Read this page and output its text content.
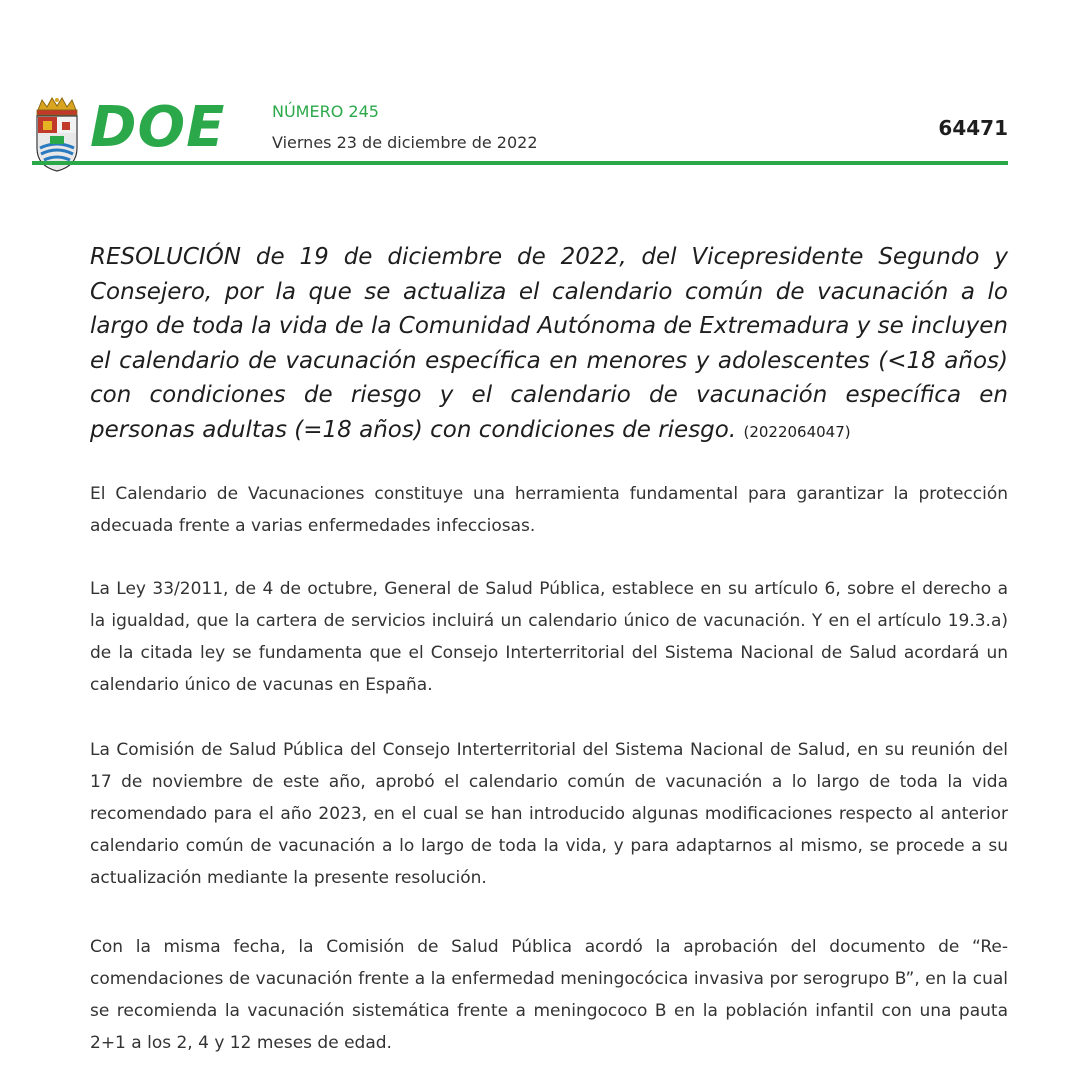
DOE	NÚMERO 245
Viernes 23 de diciembre de 2022
64471

RESOLUCIÓN de 19 de diciembre de 2022, del Vicepresidente Segundo y Consejero, por la que se actualiza el calendario común de vacunación a lo largo de toda la vida de la Comunidad Autónoma de Extremadura y se incluyen el calendario de vacunación específica en menores y adolescentes (<18 años) con condiciones de riesgo y el calendario de vacunación específica en personas adultas (=18 años) con condiciones de riesgo. (2022064047)

El Calendario de Vacunaciones constituye una herramienta fundamental para garantizar la protección adecuada frente a varias enfermedades infecciosas.

La Ley 33/2011, de 4 de octubre, General de Salud Pública, establece en su artículo 6, sobre el derecho a la igualdad, que la cartera de servicios incluirá un calendario único de vacunación. Y en el artículo 19.3.a) de la citada ley se fundamenta que el Consejo Interterritorial del Sistema Nacional de Salud acordará un calendario único de vacunas en España.

La Comisión de Salud Pública del Consejo Interterritorial del Sistema Nacional de Salud, en su reunión del 17 de noviembre de este año, aprobó el calendario común de vacunación a lo largo de toda la vida recomendado para el año 2023, en el cual se han introducido algunas modificaciones respecto al anterior calendario común de vacunación a lo largo de toda la vida, y para adaptarnos al mismo, se procede a su actualización mediante la presente resolución.

Con la misma fecha, la Comisión de Salud Pública acordó la aprobación del documento de “Recomendaciones de vacunación frente a la enfermedad meningocócica invasiva por serogrupo B”, en la cual se recomienda la vacunación sistemática frente a meningococo B en la población infantil con una pauta 2+1 a los 2, 4 y 12 meses de edad.
